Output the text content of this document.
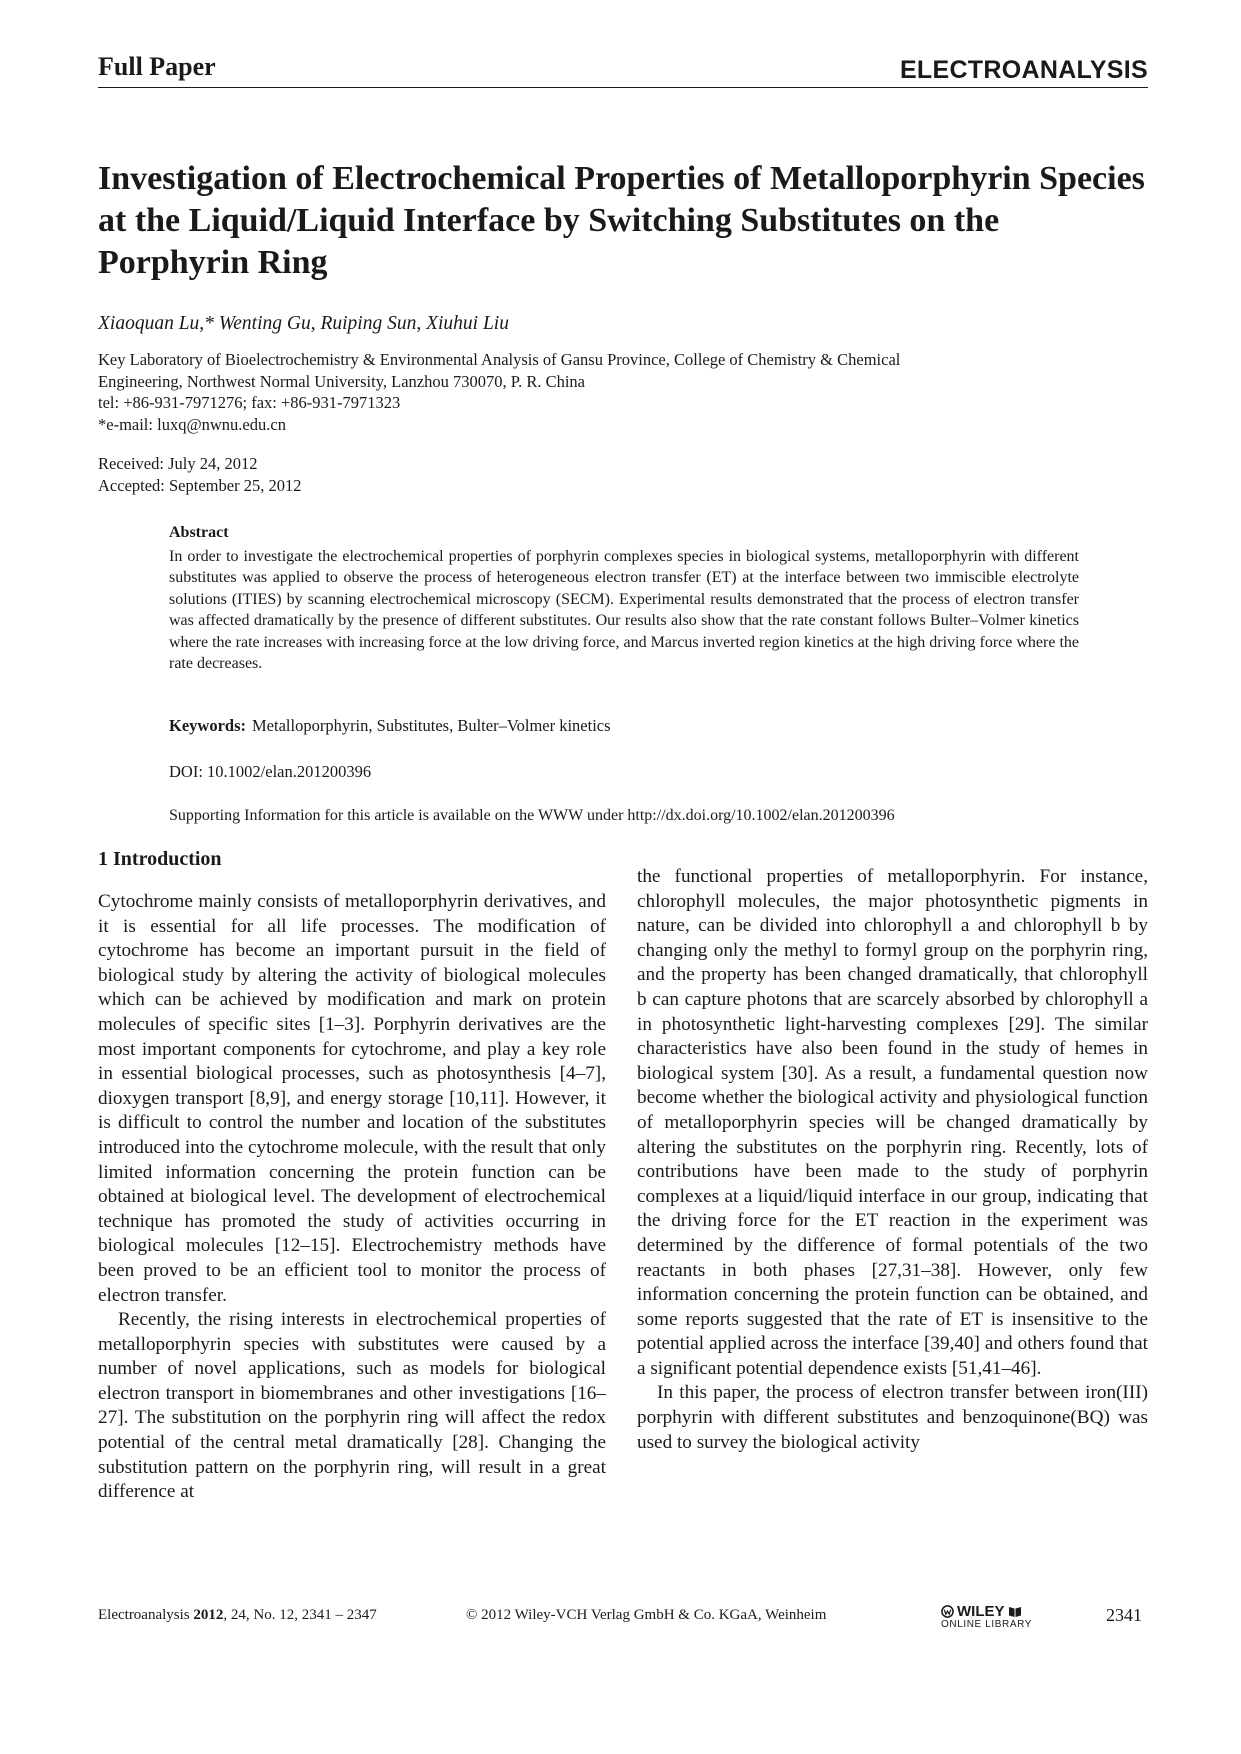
Full Paper	ELECTROANALYSIS
Investigation of Electrochemical Properties of Metalloporphyrin Species at the Liquid/Liquid Interface by Switching Substitutes on the Porphyrin Ring
Xiaoquan Lu,* Wenting Gu, Ruiping Sun, Xiuhui Liu
Key Laboratory of Bioelectrochemistry & Environmental Analysis of Gansu Province, College of Chemistry & Chemical
Engineering, Northwest Normal University, Lanzhou 730070, P. R. China
tel: +86-931-7971276; fax: +86-931-7971323
*e-mail: luxq@nwnu.edu.cn
Received: July 24, 2012
Accepted: September 25, 2012
Abstract
In order to investigate the electrochemical properties of porphyrin complexes species in biological systems, metalloporphyrin with different substitutes was applied to observe the process of heterogeneous electron transfer (ET) at the interface between two immiscible electrolyte solutions (ITIES) by scanning electrochemical microscopy (SECM). Experimental results demonstrated that the process of electron transfer was affected dramatically by the presence of different substitutes. Our results also show that the rate constant follows Bulter–Volmer kinetics where the rate increases with increasing force at the low driving force, and Marcus inverted region kinetics at the high driving force where the rate decreases.
Keywords: Metalloporphyrin, Substitutes, Bulter–Volmer kinetics
DOI: 10.1002/elan.201200396
Supporting Information for this article is available on the WWW under http://dx.doi.org/10.1002/elan.201200396
1 Introduction

Cytochrome mainly consists of metalloporphyrin derivatives, and it is essential for all life processes. The modification of cytochrome has become an important pursuit in the field of biological study by altering the activity of biological molecules which can be achieved by modification and mark on protein molecules of specific sites [1–3]. Porphyrin derivatives are the most important components for cytochrome, and play a key role in essential biological processes, such as photosynthesis [4–7], dioxygen transport [8,9], and energy storage [10,11]. However, it is difficult to control the number and location of the substitutes introduced into the cytochrome molecule, with the result that only limited information concerning the protein function can be obtained at biological level. The development of electrochemical technique has promoted the study of activities occurring in biological molecules [12–15]. Electrochemistry methods have been proved to be an efficient tool to monitor the process of electron transfer.

Recently, the rising interests in electrochemical properties of metalloporphyrin species with substitutes were caused by a number of novel applications, such as models for biological electron transport in biomembranes and other investigations [16–27]. The substitution on the porphyrin ring will affect the redox potential of the central metal dramatically [28]. Changing the substitution pattern on the porphyrin ring, will result in a great difference at

the functional properties of metalloporphyrin. For instance, chlorophyll molecules, the major photosynthetic pigments in nature, can be divided into chlorophyll a and chlorophyll b by changing only the methyl to formyl group on the porphyrin ring, and the property has been changed dramatically, that chlorophyll b can capture photons that are scarcely absorbed by chlorophyll a in photosynthetic light-harvesting complexes [29]. The similar characteristics have also been found in the study of hemes in biological system [30]. As a result, a fundamental question now become whether the biological activity and physiological function of metalloporphyrin species will be changed dramatically by altering the substitutes on the porphyrin ring. Recently, lots of contributions have been made to the study of porphyrin complexes at a liquid/liquid interface in our group, indicating that the driving force for the ET reaction in the experiment was determined by the difference of formal potentials of the two reactants in both phases [27,31–38]. However, only few information concerning the protein function can be obtained, and some reports suggested that the rate of ET is insensitive to the potential applied across the interface [39,40] and others found that a significant potential dependence exists [51,41–46].

In this paper, the process of electron transfer between iron(III) porphyrin with different substitutes and benzoquinone(BQ) was used to survey the biological activity

Electroanalysis 2012, 24, No. 12, 2341 – 2347	© 2012 Wiley-VCH Verlag GmbH & Co. KGaA, Weinheim	WILEY
ONLINE LIBRARY	2341
